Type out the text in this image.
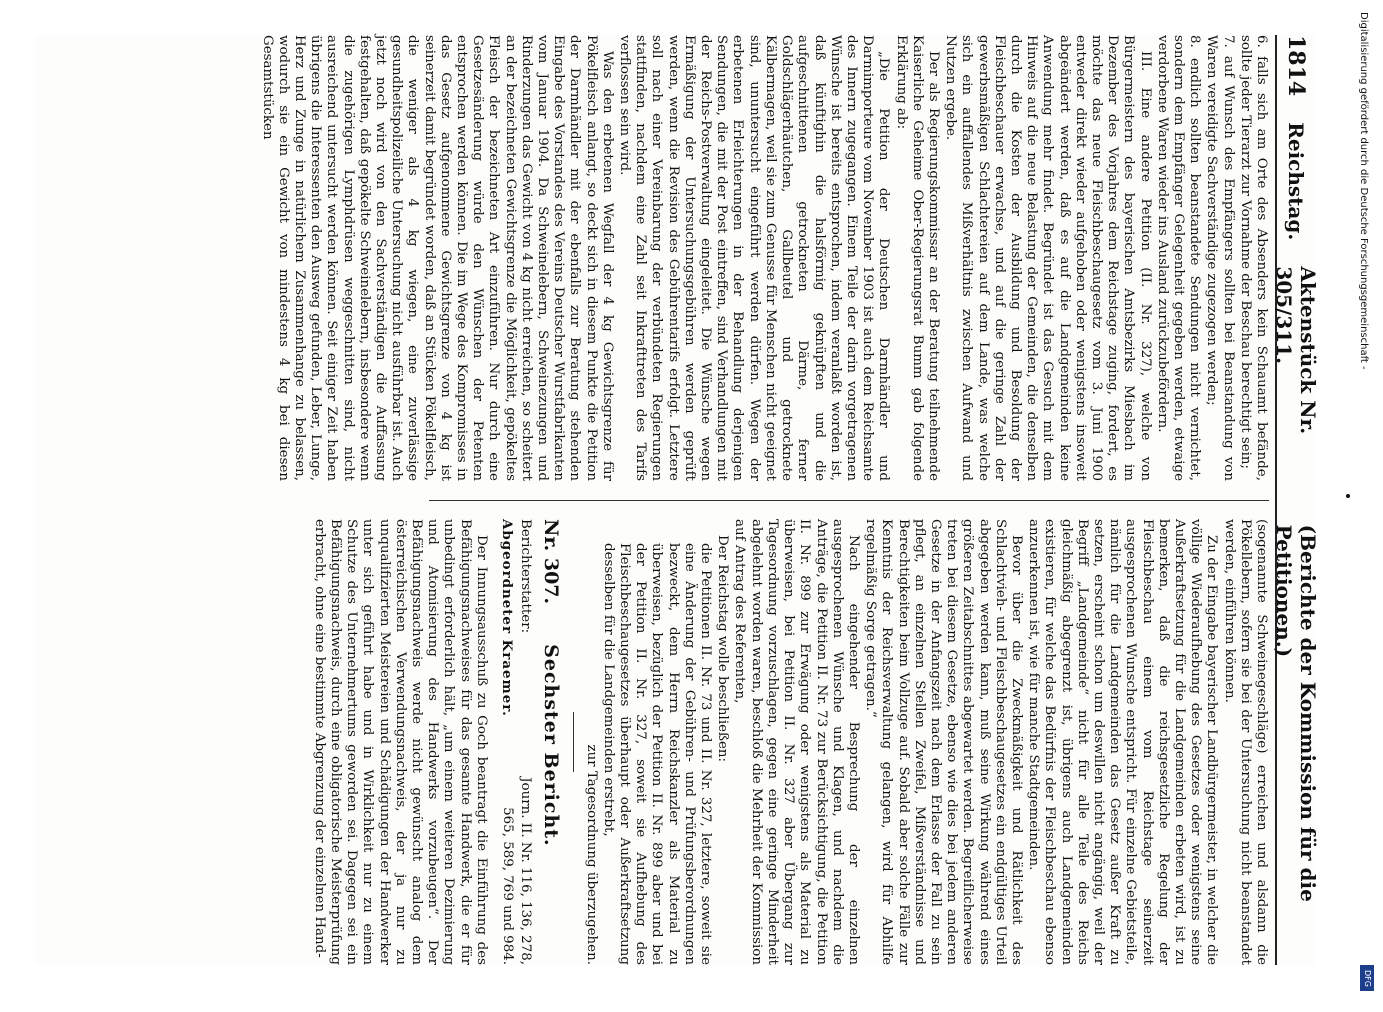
1814
Reichstag.
Aktenstück Nr. 305/311.
(Berichte der Kommission für die Petitionen.)

6. falls sich am Orte des Absenders kein Schauamt befände, sollte jeder Tierarzt zur Vornahme der Beschau berechtigt sein;

7. auf Wunsch des Empfängers sollten bei Beanstandung von Waren vereidigte Sachverständige zugezogen werden;

8. endlich sollten beanstandete Sendungen nicht vernichtet, sondern dem Empfänger Gelegenheit gegeben werden, etwaige verdorbene Waren wieder ins Ausland zurückzubefördern.

III. Eine andere Petition (II. Nr. 327), welche von Bürgermeistern des bayerischen Amtsbezirks Miesbach im Dezember des Vorjahres dem Reichstage zuging, fordert, es möchte das neue Fleischbeschaugesetz vom 3. Juni 1900 entweder direkt wieder aufgehoben oder wenigstens insoweit abgeändert werden, daß es auf die Landgemeinden keine Anwendung mehr findet. Begründet ist das Gesuch mit dem Hinweis auf die neue Belastung der Gemeinden, die denselben durch die Kosten der Ausbildung und Besoldung der Fleischbeschauer erwachse, und auf die geringe Zahl der gewerbsmäßigen Schlachtereien auf dem Lande, was welche sich ein auffallendes Mißverhältnis zwischen Aufwand und Nutzen ergebe.

Der als Regierungskommissar an der Beratung teilnehmende Kaiserliche Geheime Ober-Regierungsrat Bumm gab folgende Erklärung ab:

„Die Petition der Deutschen Darmhändler und Darmimporteure vom November 1903 ist auch dem Reichsamte des Innern zugegangen. Einem Teile der darin vorgetragenen Wünsche ist bereits entsprochen, indem veranlaßt worden ist, daß künftighin die halsförmig geknüpften und die aufgeschnittenen getrockneten Därme, ferner Goldschlägerhäutchen, Gallbeutel und getrocknete Kälbermagen, weil sie zum Genusse für Menschen nicht geeignet sind, ununtersucht eingeführt werden dürfen. Wegen der erbetenen Erleichterungen in der Behandlung derjenigen Sendungen, die mit der Post eintreffen, sind Verhandlungen mit der Reichs-Postverwaltung eingeleitet. Die Wünsche wegen Ermäßigung der Untersuchungsgebühren werden geprüft werden, wenn die Revision des Gebührentarifs erfolgt. Letztere soll nach einer Vereinbarung der verbündeten Regierungen stattfinden, nachdem eine Zahl seit Inkrafttreten des Tarifs verflossen sein wird.

Was den erbetenen Wegfall der 4 kg Gewichtsgrenze für Pökelfleisch anlangt, so deckt sich in diesem Punkte die Petition der Darmhändler mit der ebenfalls zur Beratung stehenden Eingabe des Vorstandes des Vereins Deutscher Wurstfabrikanten vom Januar 1904. Da Schweinelebern, Schweinezungen und Rinderzungen das Gewicht von 4 kg nicht erreichen, so scheitert an der bezeichneten Gewichtsgrenze die Möglichkeit, gepökeltes Fleisch der bezeichneten Art einzuführen. Nur durch eine Gesetzesänderung würde den Wünschen der Petenten entsprochen werden können. Die im Wege des Kompromisses in das Gesetz aufgenommene Gewichtsgrenze von 4 kg ist seinerzeit damit begründet worden, daß an Stücken Pökelfleisch, die weniger als 4 kg wiegen, eine zuverlässige gesundheitspolizeiliche Untersuchung nicht ausführbar ist. Auch jetzt noch wird von den Sachverständigen die Auffassung festgehalten, daß gepökelte Schweinelebern, insbesondere wenn die zugehörigen Lymphdrüsen weggeschnitten sind, nicht ausreichend untersucht werden können. Seit einiger Zeit haben übrigens die Interessenten den Ausweg gefunden, Leber, Lunge, Herz und Zunge in natürlichem Zusammenhange zu belassen, wodurch sie ein Gewicht von mindestens 4 kg bei diesen Gesamtstücken

(sogenannte Schweinegeschläge) erreichen und alsdann die Pökellebern, sofern sie bei der Untersuchung nicht beanstandet werden, einführen können.

Zu der Eingabe bayerischer Landbürgermeister, in welcher die völlige Wiederaufhebung des Gesetzes oder wenigstens seine Außerkraftsetzung für die Landgemeinden erbeten wird, ist zu bemerken, daß die reichsgesetzliche Regelung der Fleischbeschau einem vom Reichstage seinerzeit ausgesprochenen Wunsche entspricht. Für einzelne Gebietsteile, nämlich für die Landgemeinden das Gesetz außer Kraft zu setzen, erscheint schon um deswillen nicht angängig, weil der Begriff „Landgemeinde“ nicht für alle Teile des Reichs gleichmäßig abgegrenzt ist, übrigens auch Landgemeinden existieren, für welche das Bedürfnis der Fleischbeschau ebenso anzuerkennen ist, wie für manche Stadtgemeinden.

Bevor über die Zweckmäßigkeit und Rätlichkeit des Schlachtvieh- und Fleischbeschaugesetzes ein endgültiges Urteil abgegeben werden kann, muß seine Wirkung während eines größeren Zeitabschnittes abgewartet werden. Begreiflicherweise treten bei diesem Gesetze, ebenso wie dies bei jedem anderen Gesetze in der Anfangszeit nach dem Erlasse der Fall zu sein pflegt, an einzelnen Stellen Zweifel, Mißverständnisse und Berechtigkeiten beim Vollzuge auf. Sobald aber solche Fälle zur Kenntnis der Reichsverwaltung gelangen, wird für Abhilfe regelmäßig Sorge getragen.“

Nach eingehender Besprechung der einzelnen ausgesprochenen Wünsche und Klagen, und nachdem die Anträge, die Petition II. Nr. 73 zur Berücksichtigung, die Petition II. Nr. 899 zur Erwägung oder wenigstens als Material zu überweisen, bei Petition II. Nr. 327 aber Übergang zur Tagesordnung vorzuschlagen, gegen eine geringe Minderheit abgelehnt worden waren, beschloß die Mehrheit der Kommission auf Antrag des Referenten,

Der Reichstag wolle beschließen:

die Petitionen II. Nr. 73 und II. Nr. 327, letztere, soweit sie eine Änderung der Gebühren- und Prüfungsberordnungen bezweckt, dem Herrn Reichskanzler als Material zu überweisen, bezüglich der Petition II. Nr. 899 aber und bei der Petition II. Nr. 327, soweit sie Aufhebung des Fleischbeschaugesetzes überhaupt oder Außerkraftsetzung desselben für die Landgemeinden erstrebt,

zur Tagesordnung überzugehen.

Nr. 307.
Sechster Bericht.
Berichterstatter:
Journ. II. Nr. 116, 136, 278,
Abgeordneter Kraemer.
565, 589, 769 und 984.

Der Innungsausschuß zu Goch beantragt die Einführung des Befähigungsnachweises für das gesamte Handwerk, die er für unbedingt erforderlich hält, „um einem weiteren Dezimierung und Atomisierung des Handwerks vorzubeugen“. Der Befähigungsnachweis werde nicht gewünscht analog dem österreichischen Verwendungsnachweis, der ja nur zu unqualifizierten Meistereien und Schädigungen der Handwerker unter sich geführt habe und in Wirklichkeit nur zu einem Schutze des Unternehmertums geworden sei. Dagegen sei ein Befähigungsnachweis, durch eine obligatorische Meisterprüfung erbracht, ohne eine bestimmte Abgrenzung der einzelnen Hand-

Digitalisierung gefördert durch die Deutsche Forschungsgemeinschaft -
DFG
